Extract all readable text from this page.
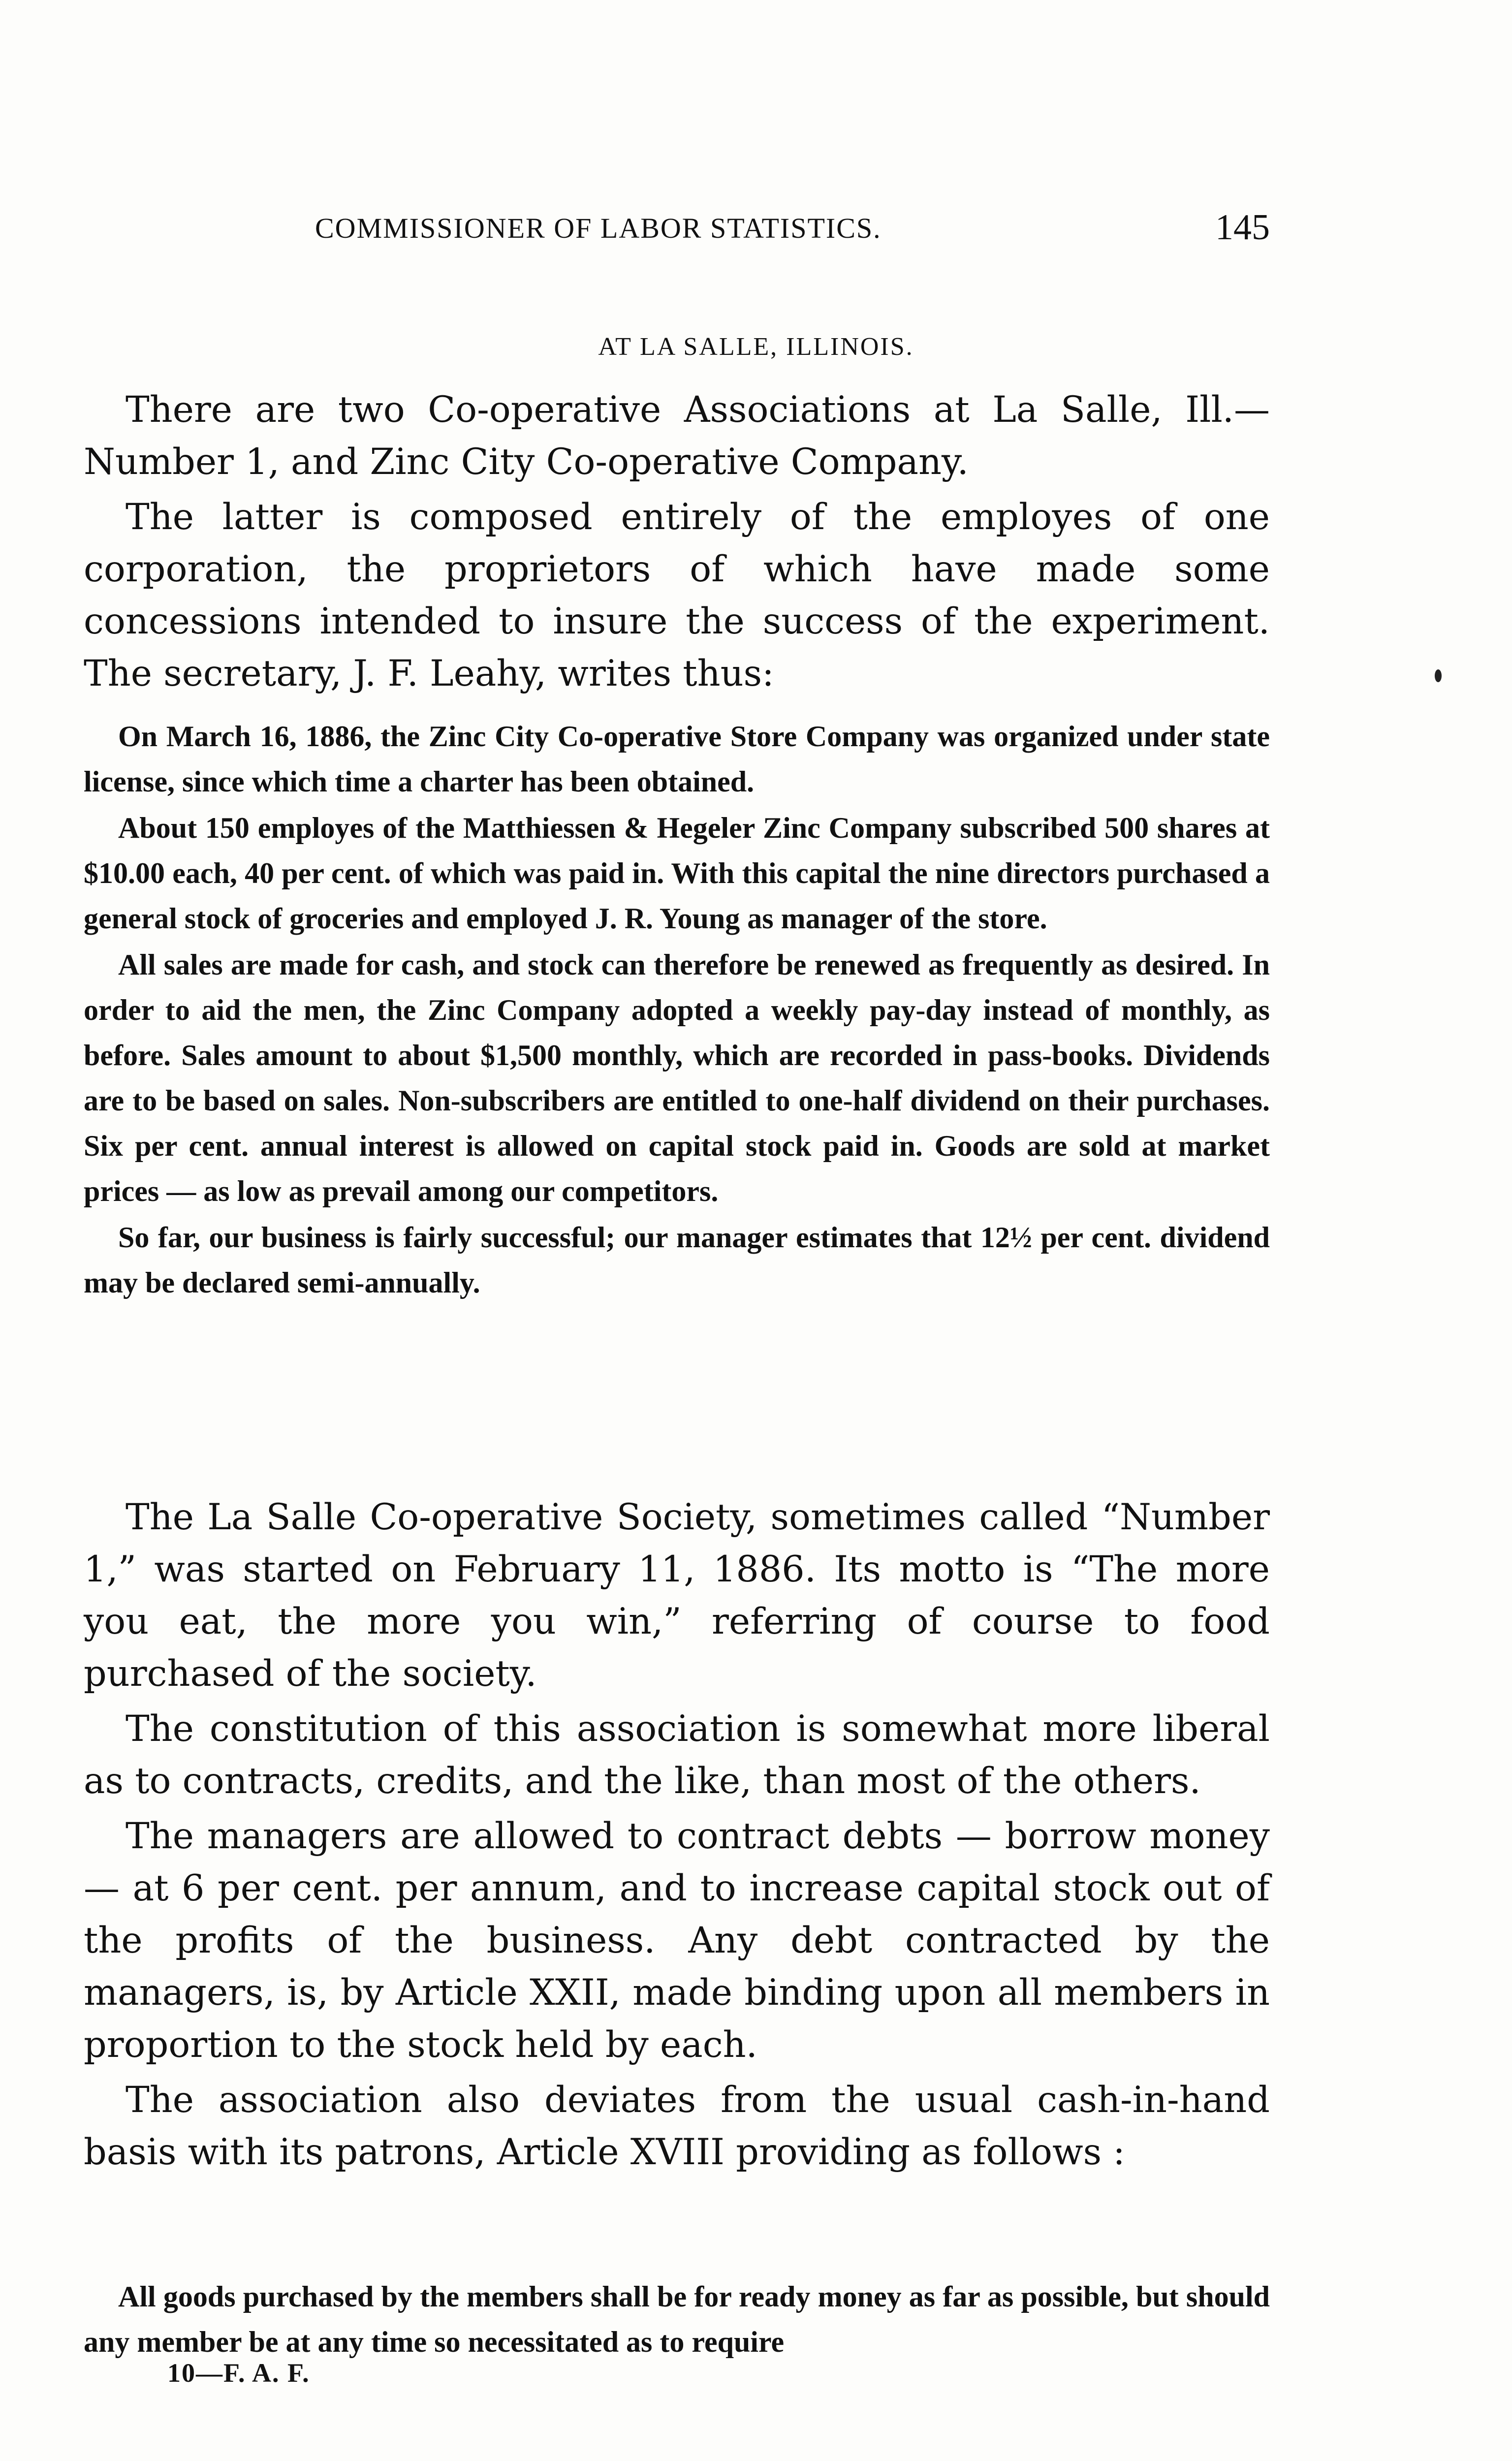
COMMISSIONER OF LABOR STATISTICS.	145
AT LA SALLE, ILLINOIS.

There are two Co-operative Associations at La Salle, Ill.— Number 1, and Zinc City Co-operative Company.

The latter is composed entirely of the employes of one corporation, the proprietors of which have made some concessions intended to insure the success of the experiment. The secretary, J. F. Leahy, writes thus:

On March 16, 1886, the Zinc City Co-operative Store Company was organized under state license, since which time a charter has been obtained.

About 150 employes of the Matthiessen & Hegeler Zinc Company subscribed 500 shares at $10.00 each, 40 per cent. of which was paid in. With this capital the nine directors purchased a general stock of groceries and employed J. R. Young as manager of the store.

All sales are made for cash, and stock can therefore be renewed as frequently as desired. In order to aid the men, the Zinc Company adopted a weekly pay-day instead of monthly, as before. Sales amount to about $1,500 monthly, which are recorded in pass-books. Dividends are to be based on sales. Non-subscribers are entitled to one-half dividend on their purchases. Six per cent. annual interest is allowed on capital stock paid in. Goods are sold at market prices — as low as prevail among our competitors.

So far, our business is fairly successful; our manager estimates that 12½ per cent. dividend may be declared semi-annually.

The La Salle Co-operative Society, sometimes called “Number 1,” was started on February 11, 1886. Its motto is “The more you eat, the more you win,” referring of course to food purchased of the society.

The constitution of this association is somewhat more liberal as to contracts, credits, and the like, than most of the others.

The managers are allowed to contract debts — borrow money — at 6 per cent. per annum, and to increase capital stock out of the profits of the business. Any debt contracted by the managers, is, by Article XXII, made binding upon all members in proportion to the stock held by each.

The association also deviates from the usual cash-in-hand basis with its patrons, Article XVIII providing as follows :

All goods purchased by the members shall be for ready money as far as possible, but should any member be at any time so necessitated as to require

10—F. A. F.
